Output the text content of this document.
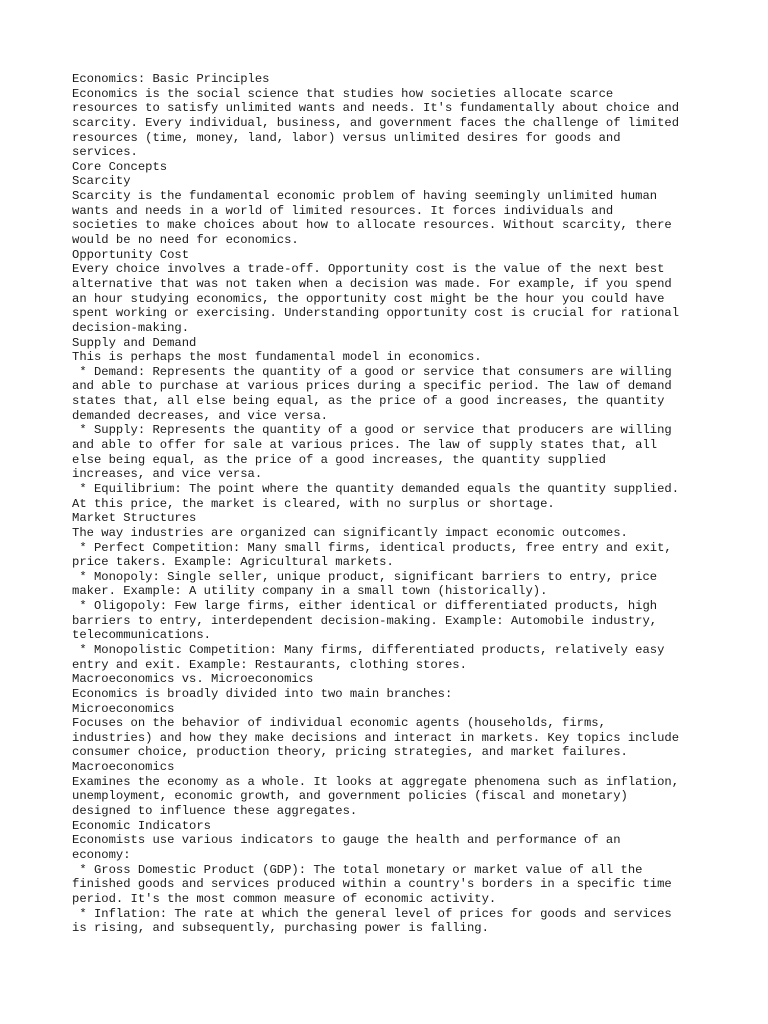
Economics: Basic Principles
Economics is the social science that studies how societies allocate scarce
resources to satisfy unlimited wants and needs. It's fundamentally about choice and
scarcity. Every individual, business, and government faces the challenge of limited
resources (time, money, land, labor) versus unlimited desires for goods and
services.
Core Concepts
Scarcity
Scarcity is the fundamental economic problem of having seemingly unlimited human
wants and needs in a world of limited resources. It forces individuals and
societies to make choices about how to allocate resources. Without scarcity, there
would be no need for economics.
Opportunity Cost
Every choice involves a trade-off. Opportunity cost is the value of the next best
alternative that was not taken when a decision was made. For example, if you spend
an hour studying economics, the opportunity cost might be the hour you could have
spent working or exercising. Understanding opportunity cost is crucial for rational
decision-making.
Supply and Demand
This is perhaps the most fundamental model in economics.
* Demand: Represents the quantity of a good or service that consumers are willing
and able to purchase at various prices during a specific period. The law of demand
states that, all else being equal, as the price of a good increases, the quantity
demanded decreases, and vice versa.
* Supply: Represents the quantity of a good or service that producers are willing
and able to offer for sale at various prices. The law of supply states that, all
else being equal, as the price of a good increases, the quantity supplied
increases, and vice versa.
* Equilibrium: The point where the quantity demanded equals the quantity supplied.
At this price, the market is cleared, with no surplus or shortage.
Market Structures
The way industries are organized can significantly impact economic outcomes.
* Perfect Competition: Many small firms, identical products, free entry and exit,
price takers. Example: Agricultural markets.
* Monopoly: Single seller, unique product, significant barriers to entry, price
maker. Example: A utility company in a small town (historically).
* Oligopoly: Few large firms, either identical or differentiated products, high
barriers to entry, interdependent decision-making. Example: Automobile industry,
telecommunications.
* Monopolistic Competition: Many firms, differentiated products, relatively easy
entry and exit. Example: Restaurants, clothing stores.
Macroeconomics vs. Microeconomics
Economics is broadly divided into two main branches:
Microeconomics
Focuses on the behavior of individual economic agents (households, firms,
industries) and how they make decisions and interact in markets. Key topics include
consumer choice, production theory, pricing strategies, and market failures.
Macroeconomics
Examines the economy as a whole. It looks at aggregate phenomena such as inflation,
unemployment, economic growth, and government policies (fiscal and monetary)
designed to influence these aggregates.
Economic Indicators
Economists use various indicators to gauge the health and performance of an
economy:
* Gross Domestic Product (GDP): The total monetary or market value of all the
finished goods and services produced within a country's borders in a specific time
period. It's the most common measure of economic activity.
* Inflation: The rate at which the general level of prices for goods and services
is rising, and subsequently, purchasing power is falling.
